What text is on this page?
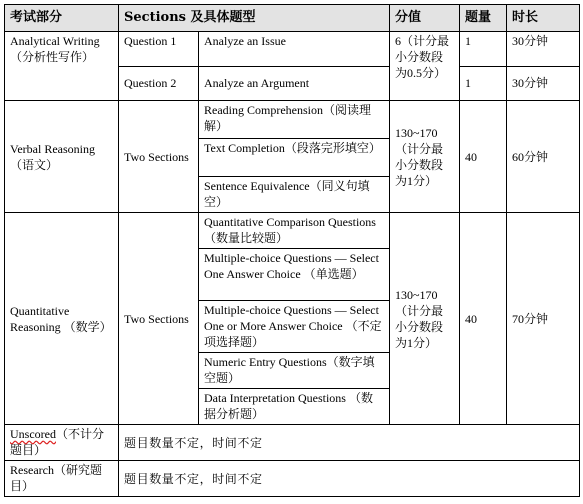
考试部分	Sections 及具体题型		分值	题量	时长
Analytical Writing （分析性写作）	Question 1	Analyze an Issue	6（计分最小分数段为0.5分）	1	30分钟
	Question 2	Analyze an Argument		1	30分钟
Verbal Reasoning （语文）	Two Sections	Reading Comprehension（阅读理解）	130~170（计分最小分数段为1分）	40	60分钟
		Text Completion（段落完形填空）			
		Sentence Equivalence（同义句填空）			
Quantitative Reasoning （数学）	Two Sections	Quantitative Comparison Questions（数量比较题）	130~170（计分最小分数段为1分）	40	70分钟
		Multiple-choice Questions — Select One Answer Choice （单选题）			
		Multiple-choice Questions — Select One or More Answer Choice （不定项选择题）			
		Numeric Entry Questions（数字填空题）			
		Data Interpretation Questions （数据分析题）			
Unscored（不计分题目）	题目数量不定，时间不定				
Research（研究题目）	题目数量不定，时间不定				
